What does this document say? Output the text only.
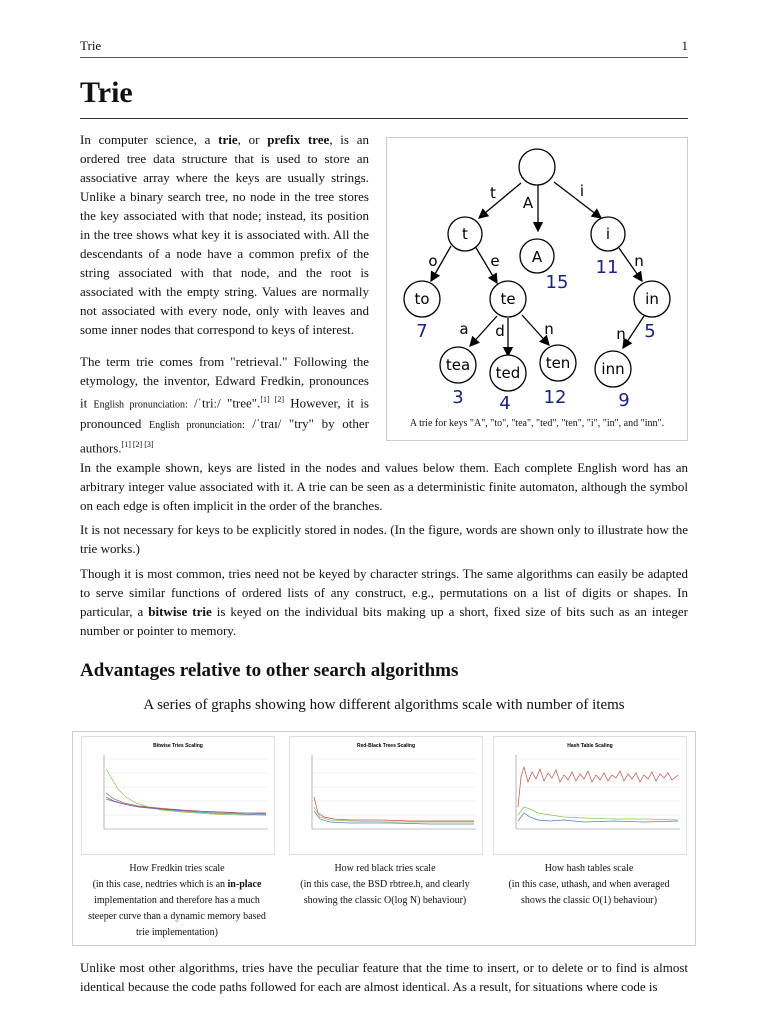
Trie	1
Trie
In computer science, a trie, or prefix tree, is an ordered tree data structure that is used to store an associative array where the keys are usually strings. Unlike a binary search tree, no node in the tree stores the key associated with that node; instead, its position in the tree shows what key it is associated with. All the descendants of a node have a common prefix of the string associated with that node, and the root is associated with the empty string. Values are normally not associated with every node, only with leaves and some inner nodes that correspond to keys of interest.
The term trie comes from "retrieval." Following the etymology, the inventor, Edward Fredkin, pronounces it English pronunciation: /ˈtriː/ "tree".[1] [2] However, it is pronounced English pronunciation: /ˈtraɪ/ "try" by other authors.[1] [2] [3]
t
A
i
to	te	in
tea ted
ten inn
t
A
i
o	e	n
a d	n	n
15
11
7	5
3 4 12	9
A trie for keys "A", "to", "tea", "ted", "ten", "i", "in", and "inn".
In the example shown, keys are listed in the nodes and values below them. Each complete English word has an arbitrary integer value associated with it. A trie can be seen as a deterministic finite automaton, although the symbol on each edge is often implicit in the order of the branches.
It is not necessary for keys to be explicitly stored in nodes. (In the figure, words are shown only to illustrate how the trie works.)
Though it is most common, tries need not be keyed by character strings. The same algorithms can easily be adapted to serve similar functions of ordered lists of any construct, e.g., permutations on a list of digits or shapes. In particular, a bitwise trie is keyed on the individual bits making up a short, fixed size of bits such as an integer number or pointer to memory.
Advantages relative to other search algorithms
A series of graphs showing how different algorithms scale with number of items
Bitwise Tries Scaling
How Fredkin tries scale
(in this case, nedtries which is an in-place
implementation and therefore has a much
steeper curve than a dynamic memory based
trie implementation)
Red-Black Trees Scaling
How red black tries scale
(in this case, the BSD rbtree.h, and clearly
showing the classic O(log N) behaviour)
Hash Table Scaling
How hash tables scale
(in this case, uthash, and when averaged
shows the classic O(1) behaviour)
Unlike most other algorithms, tries have the peculiar feature that the time to insert, or to delete or to find is almost identical because the code paths followed for each are almost identical. As a result, for situations where code is
